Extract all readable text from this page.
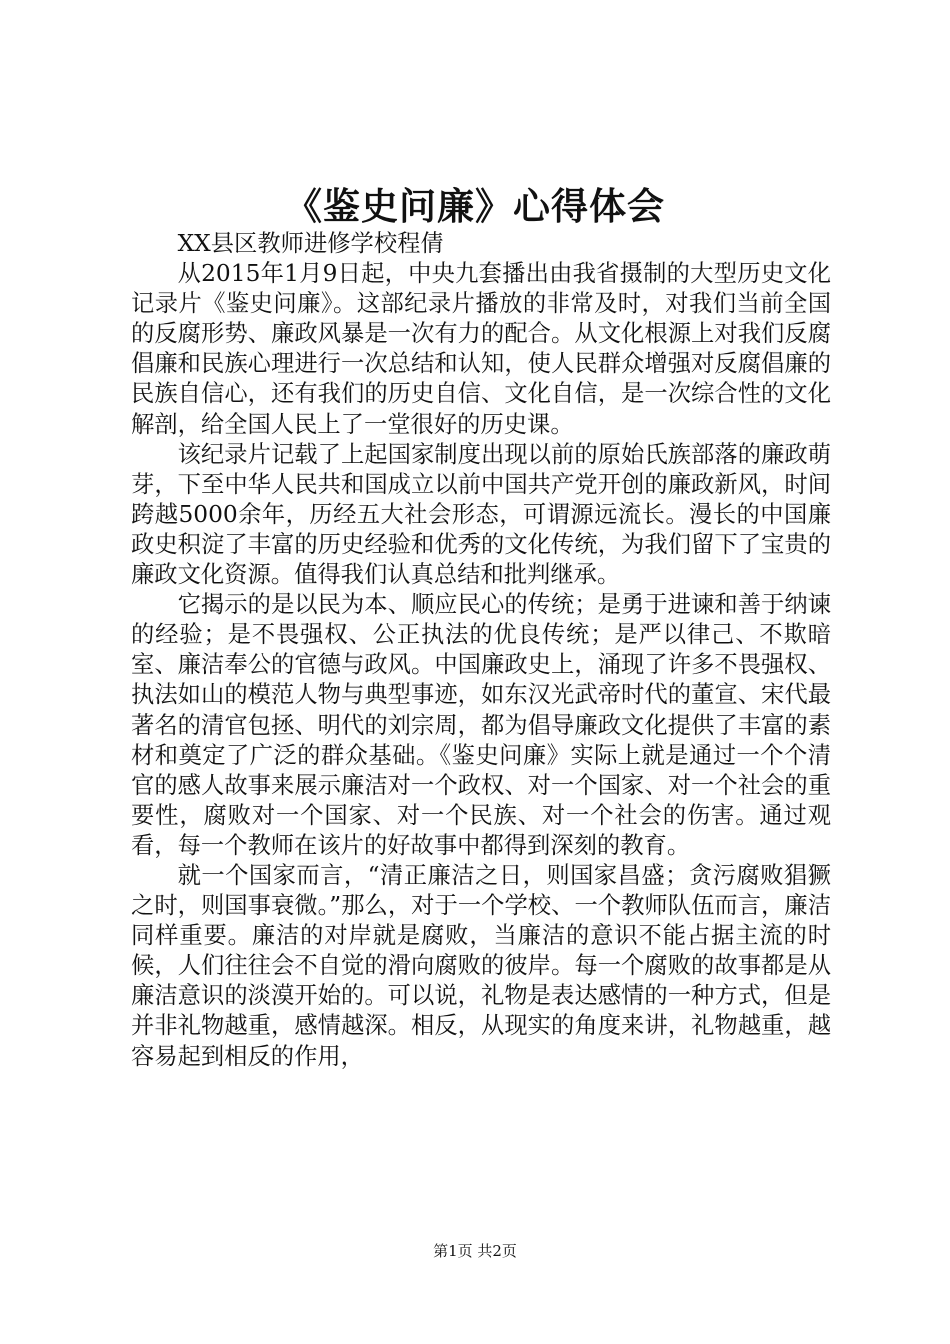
《鉴史问廉》心得体会

XX县区教师进修学校程倩

从2015年1月9日起，中央九套播出由我省摄制的大型历史文化记录片《鉴史问廉》。这部纪录片播放的非常及时，对我们当前全国的反腐形势、廉政风暴是一次有力的配合。从文化根源上对我们反腐倡廉和民族心理进行一次总结和认知，使人民群众增强对反腐倡廉的民族自信心，还有我们的历史自信、文化自信，是一次综合性的文化解剖，给全国人民上了一堂很好的历史课。

该纪录片记载了上起国家制度出现以前的原始氏族部落的廉政萌芽，下至中华人民共和国成立以前中国共产党开创的廉政新风，时间跨越5000余年，历经五大社会形态，可谓源远流长。漫长的中国廉政史积淀了丰富的历史经验和优秀的文化传统，为我们留下了宝贵的廉政文化资源。值得我们认真总结和批判继承。

它揭示的是以民为本、顺应民心的传统；是勇于进谏和善于纳谏的经验；是不畏强权、公正执法的优良传统；是严以律己、不欺暗室、廉洁奉公的官德与政风。中国廉政史上，涌现了许多不畏强权、执法如山的模范人物与典型事迹，如东汉光武帝时代的董宣、宋代最著名的清官包拯、明代的刘宗周，都为倡导廉政文化提供了丰富的素材和奠定了广泛的群众基础。《鉴史问廉》实际上就是通过一个个清官的感人故事来展示廉洁对一个政权、对一个国家、对一个社会的重要性，腐败对一个国家、对一个民族、对一个社会的伤害。通过观看，每一个教师在该片的好故事中都得到深刻的教育。

就一个国家而言，“清正廉洁之日，则国家昌盛；贪污腐败猖獗之时，则国事衰微。”那么，对于一个学校、一个教师队伍而言，廉洁同样重要。廉洁的对岸就是腐败，当廉洁的意识不能占据主流的时候，人们往往会不自觉的滑向腐败的彼岸。每一个腐败的故事都是从廉洁意识的淡漠开始的。可以说，礼物是表达感情的一种方式，但是并非礼物越重，感情越深。相反，从现实的角度来讲，礼物越重，越容易起到相反的作用，

第1页 共2页
